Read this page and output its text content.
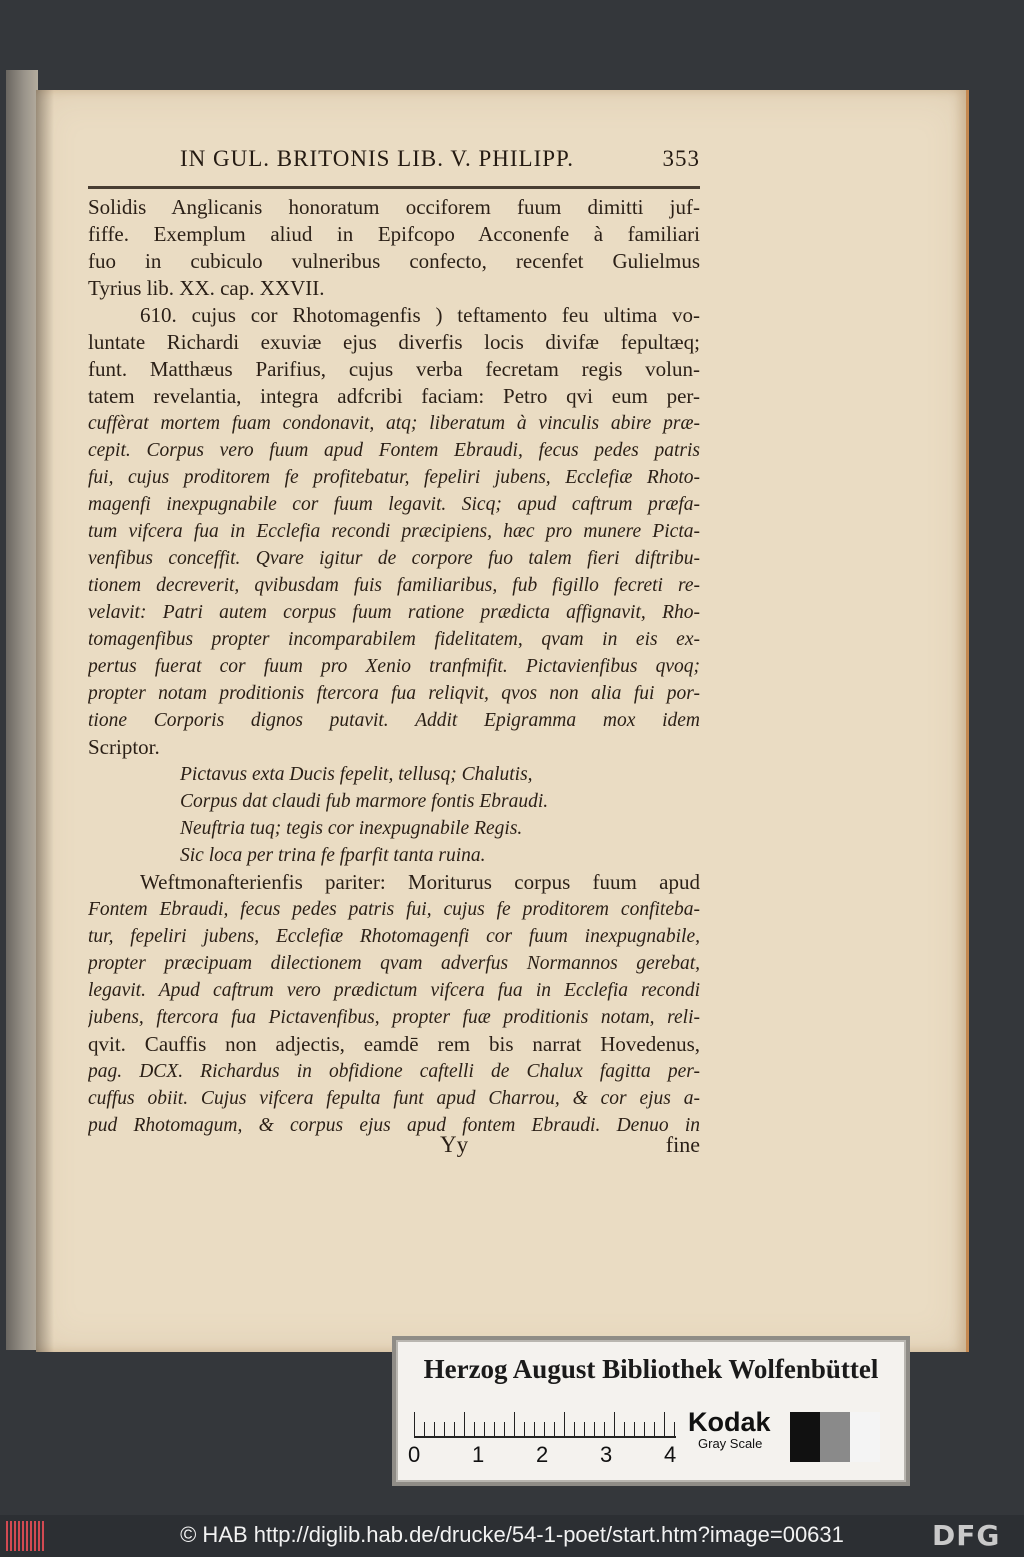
IN GUL. BRITONIS LIB. V. PHILIPP.	353
Solidis Anglicanis honoratum occiforem fuum dimitti juf-
fiffe. Exemplum aliud in Epifcopo Acconenfe à familiari
fuo in cubiculo vulneribus confecto, recenfet Gulielmus
Tyrius lib. XX. cap. XXVII.
610. cujus cor Rhotomagenfis ) teftamento feu ultima vo-
luntate Richardi exuviæ ejus diverfis locis divifæ fepultæq;
funt. Matthæus Parifius, cujus verba fecretam regis volun-
tatem revelantia, integra adfcribi faciam: Petro qvi eum per-
cuffèrat mortem fuam condonavit, atq; liberatum à vinculis abire præ-
cepit. Corpus vero fuum apud Fontem Ebraudi, fecus pedes patris
fui, cujus proditorem fe profitebatur, fepeliri jubens, Ecclefiæ Rhoto-
magenfi inexpugnabile cor fuum legavit. Sicq; apud caftrum præfa-
tum vifcera fua in Ecclefia recondi præcipiens, hæc pro munere Picta-
venfibus conceffit. Qvare igitur de corpore fuo talem fieri diftribu-
tionem decreverit, qvibusdam fuis familiaribus, fub figillo fecreti re-
velavit: Patri autem corpus fuum ratione prædicta affignavit, Rho-
tomagenfibus propter incomparabilem fidelitatem, qvam in eis ex-
pertus fuerat cor fuum pro Xenio tranfmifit. Pictavienfibus qvoq;
propter notam proditionis ftercora fua reliqvit, qvos non alia fui por-
tione Corporis dignos putavit. Addit Epigramma mox idem
Scriptor.
Pictavus exta Ducis fepelit, tellusq; Chalutis,
Corpus dat claudi fub marmore fontis Ebraudi.
Neuftria tuq; tegis cor inexpugnabile Regis.
Sic loca per trina fe fparfit tanta ruina.
Weftmonafterienfis pariter: Moriturus corpus fuum apud
Fontem Ebraudi, fecus pedes patris fui, cujus fe proditorem confiteba-
tur, fepeliri jubens, Ecclefiæ Rhotomagenfi cor fuum inexpugnabile,
propter præcipuam dilectionem qvam adverfus Normannos gerebat,
legavit. Apud caftrum vero prædictum vifcera fua in Ecclefia recondi
jubens, ftercora fua Pictavenfibus, propter fuæ proditionis notam, reli-
qvit. Cauffis non adjectis, eamdē rem bis narrat Hovedenus,
pag. DCX. Richardus in obfidione caftelli de Chalux fagitta per-
cuffus obiit. Cujus vifcera fepulta funt apud Charrou, & cor ejus a-
pud Rhotomagum, & corpus ejus apud fontem Ebraudi. Denuo in
Yy	fine
Herzog August Bibliothek Wolfenbüttel
0 1 2 3 4
Kodak
Gray Scale
© HAB http://diglib.hab.de/drucke/54-1-poet/start.htm?image=00631	DFG
